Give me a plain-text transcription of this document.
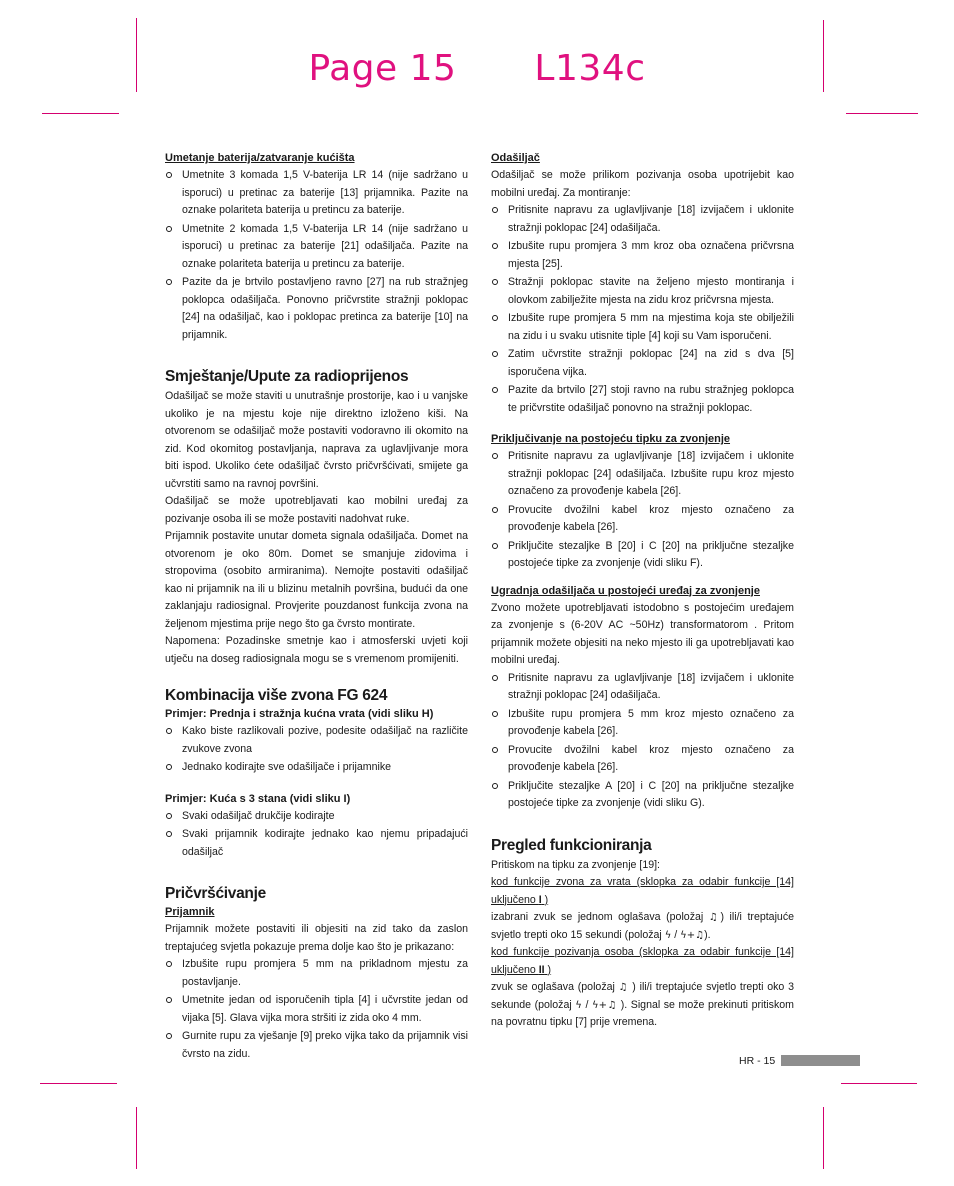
Page 15 L134c
Umetanje baterija/zatvaranje kućišta
Umetnite 3 komada 1,5 V-baterija LR 14 (nije sadržano u isporuci) u pretinac za baterije [13] prijamnika. Pazite na oznake polariteta baterija u pretincu za baterije.
Umetnite 2 komada 1,5 V-baterija LR 14 (nije sadržano u isporuci) u pretinac za baterije [21] odašiljača. Pazite na oznake polariteta baterija u pretincu za baterije.
Pazite da je brtvilo postavljeno ravno [27] na rub stražnjeg poklopca odašiljača. Ponovno pričvrstite stražnji poklopac [24] na odašiljač, kao i poklopac pretinca za baterije [10] na prijamnik.
Smještanje/Upute za radioprijenos

Odašiljač se može staviti u unutrašnje prostorije, kao i u vanjske ukoliko je na mjestu koje nije direktno izloženo kiši. Na otvorenom se odašiljač može postaviti vodoravno ili okomito na zid. Kod okomitog postavljanja, naprava za uglavljivanje mora biti ispod. Ukoliko ćete odašiljač čvrsto pričvršćivati, smijete ga učvrstiti samo na ravnoj površini.

Odašiljač se može upotrebljavati kao mobilni uređaj za pozivanje osoba ili se može postaviti nadohvat ruke.

Prijamnik postavite unutar dometa signala odašiljača. Domet na otvorenom je oko 80m. Domet se smanjuje zidovima i stropovima (osobito armiranima). Nemojte postaviti odašiljač kao ni prijamnik na ili u blizinu metalnih površina, budući da one zaklanjaju radiosignal. Provjerite pouzdanost funkcija zvona na željenom mjestima prije nego što ga čvrsto montirate.

Napomena: Pozadinske smetnje kao i atmosferski uvjeti koji utječu na doseg radiosignala mogu se s vremenom promijeniti.

Kombinacija više zvona FG 624
Primjer: Prednja i stražnja kućna vrata (vidi sliku H)
Kako biste razlikovali pozive, podesite odašiljač na različite zvukove zvona
Jednako kodirajte sve odašiljače i prijamnike
Primjer: Kuća s 3 stana (vidi sliku I)
Svaki odašiljač drukčije kodirajte
Svaki prijamnik kodirajte jednako kao njemu pripadajući odašiljač
Pričvršćivanje
Prijamnik

Prijamnik možete postaviti ili objesiti na zid tako da zaslon treptajućeg svjetla pokazuje prema dolje kao što je prikazano:

Izbušite rupu promjera 5 mm na prikladnom mjestu za postavljanje.
Umetnite jedan od isporučenih tipla [4] i učvrstite jedan od vijaka [5]. Glava vijka mora stršiti iz zida oko 4 mm.
Gurnite rupu za vješanje [9] preko vijka tako da prijamnik visi čvrsto na zidu.
Odašiljač

Odašiljač se može prilikom pozivanja osoba upotrijebit kao mobilni uređaj. Za montiranje:

Pritisnite napravu za uglavljivanje [18] izvijačem i uklonite stražnji poklopac [24] odašiljača.
Izbušite rupu promjera 3 mm kroz oba označena pričvrsna mjesta [25].
Stražnji poklopac stavite na željeno mjesto montiranja i olovkom zabilježite mjesta na zidu kroz pričvrsna mjesta.
Izbušite rupe promjera 5 mm na mjestima koja ste obilježili na zidu i u svaku utisnite tiple [4] koji su Vam isporučeni.
Zatim učvrstite stražnji poklopac [24] na zid s dva [5] isporučena vijka.
Pazite da brtvilo [27] stoji ravno na rubu stražnjeg poklopca te pričvrstite odašiljač ponovno na stražnji poklopac.
Priključivanje na postojeću tipku za zvonjenje
Pritisnite napravu za uglavljivanje [18] izvijačem i uklonite stražnji poklopac [24] odašiljača. Izbušite rupu kroz mjesto označeno za provođenje kabela [26].
Provucite dvožilni kabel kroz mjesto označeno za provođenje kabela [26].
Priključite stezaljke B [20] i C [20] na priključne stezaljke postojeće tipke za zvonjenje (vidi sliku F).
Ugradnja odašiljača u postojeći uređaj za zvonjenje

Zvono možete upotrebljavati istodobno s postojećim uređajem za zvonjenje s (6-20V AC ~50Hz) transformatorom . Pritom prijamnik možete objesiti na neko mjesto ili ga upotrebljavati kao mobilni uređaj.

Pritisnite napravu za uglavljivanje [18] izvijačem i uklonite stražnji poklopac [24] odašiljača.
Izbušite rupu promjera 5 mm kroz mjesto označeno za provođenje kabela [26].
Provucite dvožilni kabel kroz mjesto označeno za provođenje kabela [26].
Priključite stezaljke A [20] i C [20] na priključne stezaljke postojeće tipke za zvonjenje (vidi sliku G).
Pregled funkcioniranja

Pritiskom na tipku za zvonjenje [19]:

kod funkcije zvona za vrata (sklopka za odabir funkcije [14] uključeno I )

izabrani zvuk se jednom oglašava (položaj ♫) ili/i treptajuće svjetlo trepti oko 15 sekundi (položaj ϟ / ϟ+♫).

kod funkcije pozivanja osoba (sklopka za odabir funkcije [14] uključeno II )

zvuk se oglašava (položaj ♫ ) ili/i treptajuće svjetlo trepti oko 3 sekunde (položaj ϟ / ϟ+♫ ). Signal se može prekinuti pritiskom na povratnu tipku [7] prije vremena.

HR - 15
